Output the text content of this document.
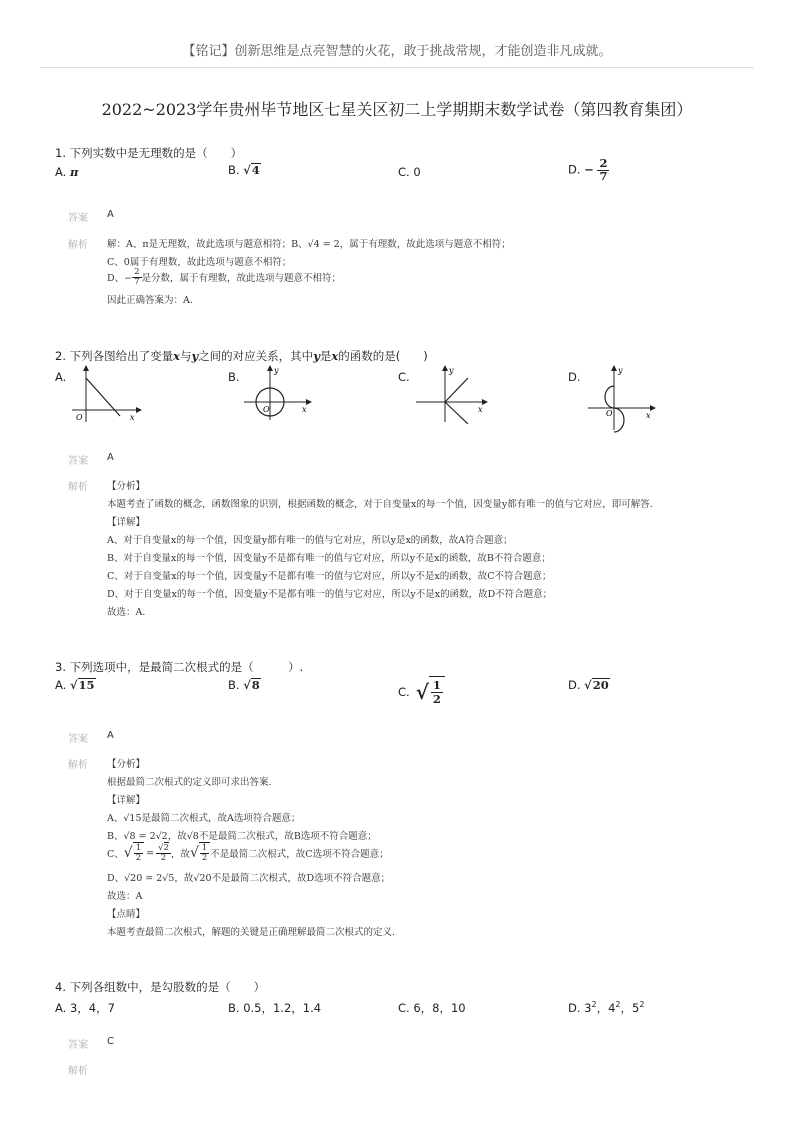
【铭记】创新思维是点亮智慧的火花，敢于挑战常规，才能创造非凡成就。
2022~2023学年贵州毕节地区七星关区初二上学期期末数学试卷（第四教育集团）
1. 下列实数中是无理数的是（　　）
A. π	B. √ 4	C. 0	D. − $\frac{2}{7}$
答案 A
解析 解：A、π是无理数，故此选项与题意相符；B、√4 = 2，属于有理数，故此选项与题意不相符；
C、0属于有理数，故此选项与题意不相符；
D、− $\frac{2}{7}$ 是分数，属于有理数，故此选项与题意不相符；
因此正确答案为：A.
2. 下列各图给出了变量x与y之间的对应关系，其中y是x的函数的是(　　)
A.	B.	C.	D.
O	x
y
O	x
y
x
y
O	x
答案 A
解析 【分析】
本题考查了函数的概念，函数图象的识别，根据函数的概念，对于自变量x的每一个值，因变量y都有唯一的值与它对应，即可解答.
【详解】
A、对于自变量x的每一个值，因变量y都有唯一的值与它对应，所以y是x的函数，故A符合题意；
B、对于自变量x的每一个值，因变量y不是都有唯一的值与它对应，所以y不是x的函数，故B不符合题意；
C、对于自变量x的每一个值，因变量y不是都有唯一的值与它对应，所以y不是x的函数，故C不符合题意；
D、对于自变量x的每一个值，因变量y不是都有唯一的值与它对应，所以y不是x的函数，故D不符合题意；
故选：A.
3. 下列选项中，是最简二次根式的是（　　　）.
A. √ 15	B. √ 8	C. √ $\frac{1}{2}$	D. √ 20
答案 A
解析 【分析】
根据最简二次根式的定义即可求出答案.
【详解】
A、√15是最简二次根式，故A选项符合题意；
B、√8 = 2√2，故√8不是最简二次根式，故B选项不符合题意；
C、 √ $\frac{1}{2} = \frac{√2}{2}$ ，故 √ $\frac{1}{2}$ 不是最简二次根式，故C选项不符合题意；
D、√20 = 2√5，故√20不是最简二次根式，故D选项不符合题意；
故选：A
【点睛】
本题考查最简二次根式，解题的关键是正确理解最简二次根式的定义.
4. 下列各组数中，是勾股数的是（　　）
A. 3，4，7	B. 0.5，1.2，1.4	C. 6，8，10	D. $3^2$，$4^2$，$5^2$
答案 C
解析
